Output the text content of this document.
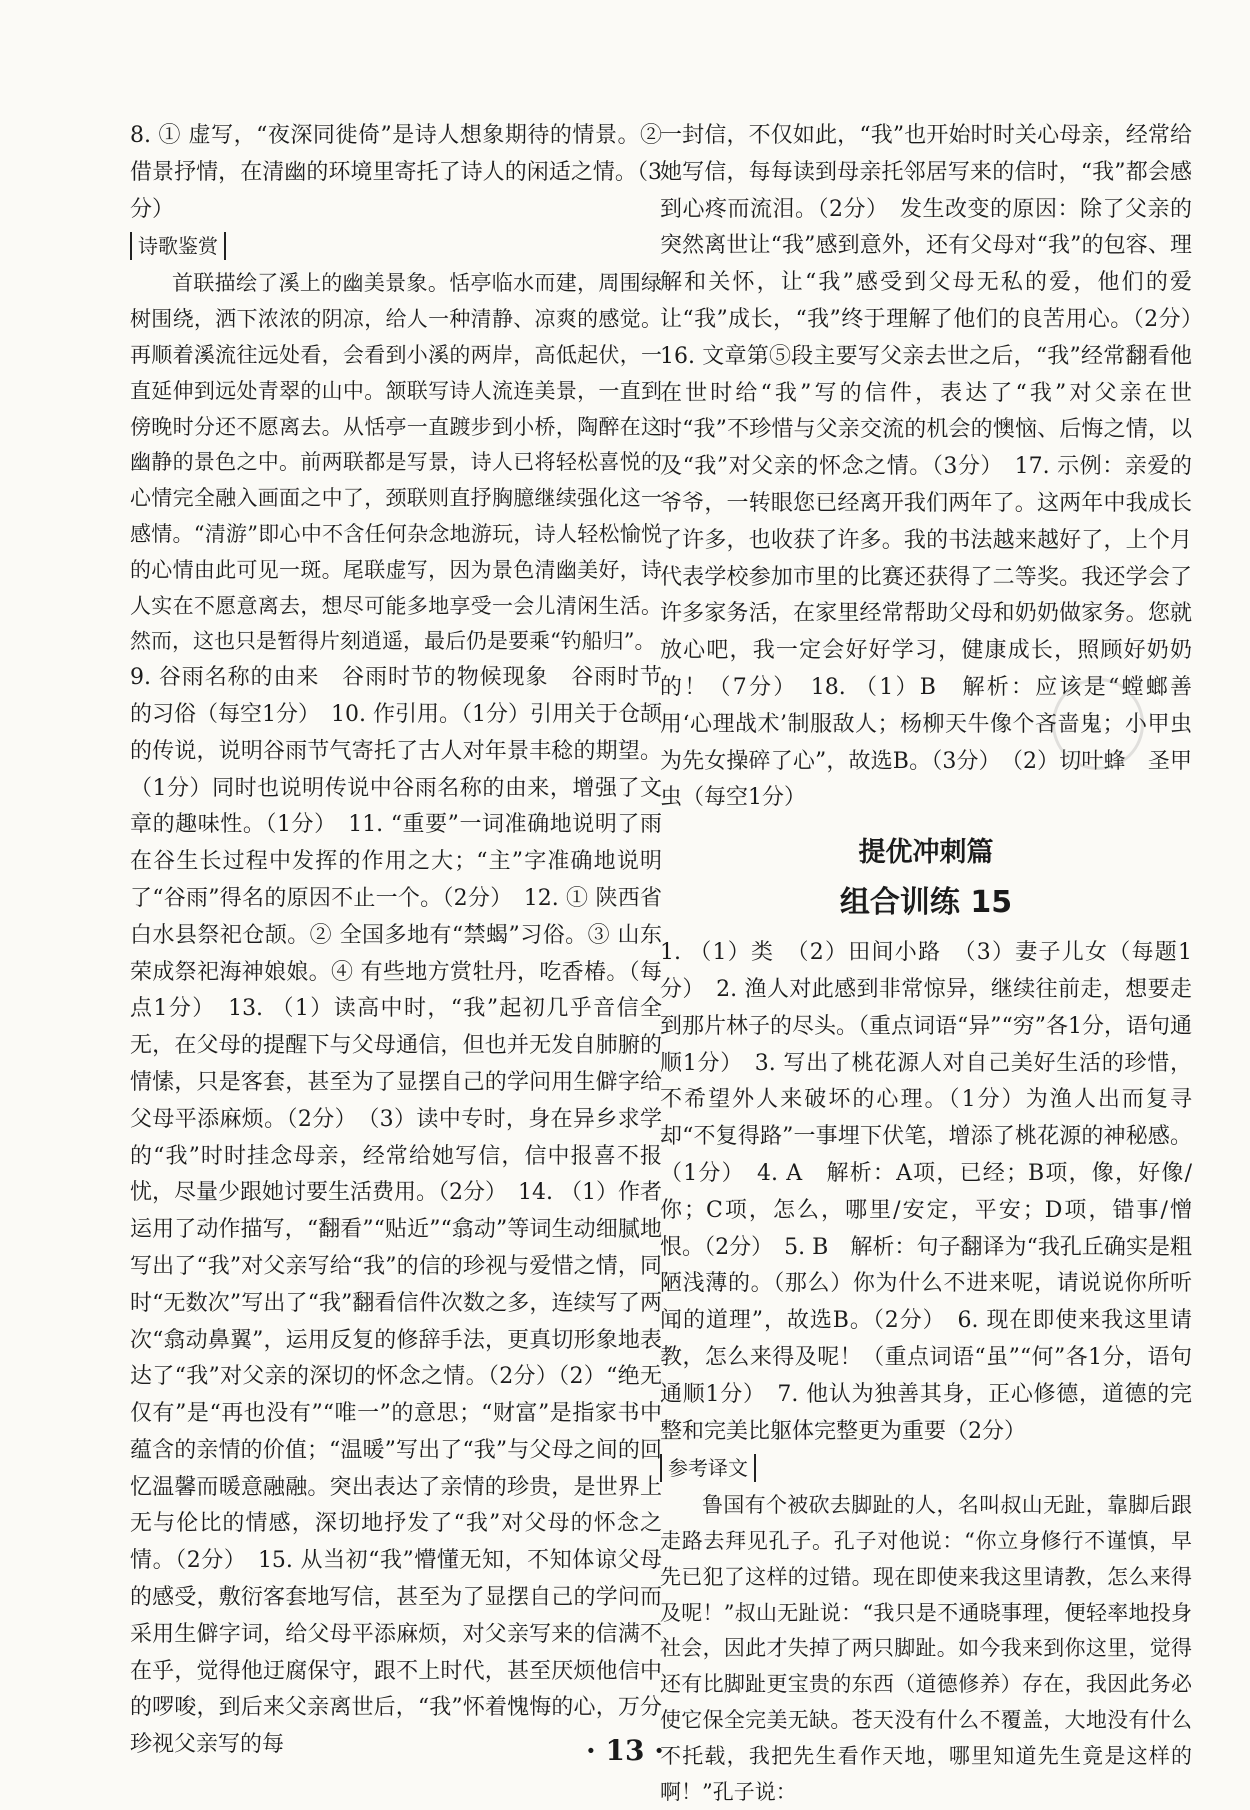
8. ① 虚写，“夜深同徙倚”是诗人想象期待的情景。② 借景抒情，在清幽的环境里寄托了诗人的闲适之情。（3分）

诗歌鉴赏

首联描绘了溪上的幽美景象。恬亭临水而建，周围绿树围绕，洒下浓浓的阴凉，给人一种清静、凉爽的感觉。再顺着溪流往远处看，会看到小溪的两岸，高低起伏，一直延伸到远处青翠的山中。颔联写诗人流连美景，一直到傍晚时分还不愿离去。从恬亭一直踱步到小桥，陶醉在这幽静的景色之中。前两联都是写景，诗人已将轻松喜悦的心情完全融入画面之中了，颈联则直抒胸臆继续强化这一感情。“清游”即心中不含任何杂念地游玩，诗人轻松愉悦的心情由此可见一斑。尾联虚写，因为景色清幽美好，诗人实在不愿意离去，想尽可能多地享受一会儿清闲生活。然而，这也只是暂得片刻逍遥，最后仍是要乘“钓船归”。

9. 谷雨名称的由来　谷雨时节的物候现象　谷雨时节的习俗（每空1分）　10. 作引用。（1分）引用关于仓颉的传说，说明谷雨节气寄托了古人对年景丰稔的期望。（1分）同时也说明传说中谷雨名称的由来，增强了文章的趣味性。（1分）　11. “重要”一词准确地说明了雨在谷生长过程中发挥的作用之大；“主”字准确地说明了“谷雨”得名的原因不止一个。（2分）　12. ① 陕西省白水县祭祀仓颉。② 全国多地有“禁蝎”习俗。③ 山东荣成祭祀海神娘娘。④ 有些地方赏牡丹，吃香椿。（每点1分）　13. （1）读高中时，“我”起初几乎音信全无，在父母的提醒下与父母通信，但也并无发自肺腑的情愫，只是客套，甚至为了显摆自己的学问用生僻字给父母平添麻烦。（2分）　（3）读中专时，身在异乡求学的“我”时时挂念母亲，经常给她写信，信中报喜不报忧，尽量少跟她讨要生活费用。（2分）　14. （1）作者运用了动作描写，“翻看”“贴近”“翕动”等词生动细腻地写出了“我”对父亲写给“我”的信的珍视与爱惜之情，同时“无数次”写出了“我”翻看信件次数之多，连续写了两次“翕动鼻翼”，运用反复的修辞手法，更真切形象地表达了“我”对父亲的深切的怀念之情。（2分）（2）“绝无仅有”是“再也没有”“唯一”的意思；“财富”是指家书中蕴含的亲情的价值；“温暖”写出了“我”与父母之间的回忆温馨而暖意融融。突出表达了亲情的珍贵，是世界上无与伦比的情感，深切地抒发了“我”对父母的怀念之情。（2分）　15. 从当初“我”懵懂无知，不知体谅父母的感受，敷衍客套地写信，甚至为了显摆自己的学问而采用生僻字词，给父母平添麻烦，对父亲写来的信满不在乎，觉得他迂腐保守，跟不上时代，甚至厌烦他信中的啰唆，到后来父亲离世后，“我”怀着愧悔的心，万分珍视父亲写的每

一封信，不仅如此，“我”也开始时时关心母亲，经常给她写信，每每读到母亲托邻居写来的信时，“我”都会感到心疼而流泪。（2分）　发生改变的原因：除了父亲的突然离世让“我”感到意外，还有父母对“我”的包容、理解和关怀，让“我”感受到父母无私的爱，他们的爱让“我”成长，“我”终于理解了他们的良苦用心。（2分）　16. 文章第⑤段主要写父亲去世之后，“我”经常翻看他在世时给“我”写的信件，表达了“我”对父亲在世时“我”不珍惜与父亲交流的机会的懊恼、后悔之情，以及“我”对父亲的怀念之情。（3分）　17. 示例：亲爱的爷爷，一转眼您已经离开我们两年了。这两年中我成长了许多，也收获了许多。我的书法越来越好了，上个月代表学校参加市里的比赛还获得了二等奖。我还学会了许多家务活，在家里经常帮助父母和奶奶做家务。您就放心吧，我一定会好好学习，健康成长，照顾好奶奶的！（7分）　18. （1）B　解析：应该是“螳螂善用‘心理战术’制服敌人；杨柳天牛像个吝啬鬼；小甲虫为先女操碎了心”，故选B。（3分）　（2）切叶蜂　圣甲虫（每空1分）

提优冲刺篇

组合训练 15

1. （1）类　（2）田间小路　（3）妻子儿女（每题1分）　2. 渔人对此感到非常惊异，继续往前走，想要走到那片林子的尽头。（重点词语“异”“穷”各1分，语句通顺1分）　3. 写出了桃花源人对自己美好生活的珍惜，不希望外人来破坏的心理。（1分）为渔人出而复寻却“不复得路”一事埋下伏笔，增添了桃花源的神秘感。（1分）　4. A　解析：A项，已经；B项，像，好像/你；C项，怎么，哪里/安定，平安；D项，错事/憎恨。（2分）　5. B　解析：句子翻译为“我孔丘确实是粗陋浅薄的。（那么）你为什么不进来呢，请说说你所听闻的道理”，故选B。（2分）　6. 现在即使来我这里请教，怎么来得及呢！（重点词语“虽”“何”各1分，语句通顺1分）　7. 他认为独善其身，正心修德，道德的完整和完美比躯体完整更为重要（2分）

参考译文

鲁国有个被砍去脚趾的人，名叫叔山无趾，靠脚后跟走路去拜见孔子。孔子对他说：“你立身修行不谨慎，早先已犯了这样的过错。现在即使来我这里请教，怎么来得及呢！”叔山无趾说：“我只是不通晓事理，便轻率地投身社会，因此才失掉了两只脚趾。如今我来到你这里，觉得还有比脚趾更宝贵的东西（道德修养）存在，我因此务必使它保全完美无缺。苍天没有什么不覆盖，大地没有什么不托载，我把先生看作天地，哪里知道先生竟是这样的啊！”孔子说：

· 13 ·
